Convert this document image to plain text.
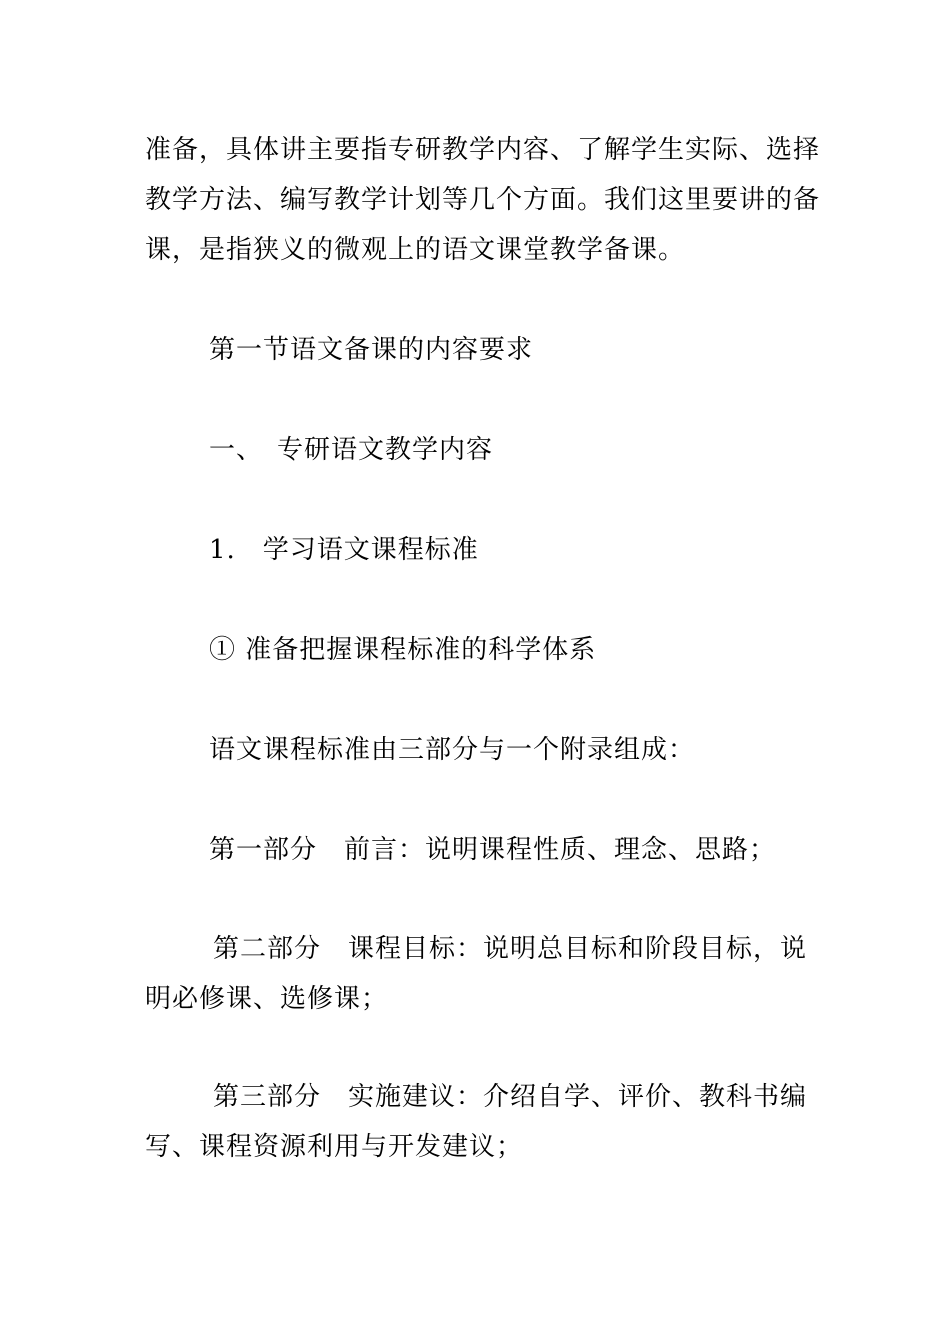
准备，具体讲主要指专研教学内容、了解学生实际、选择教学方法、编写教学计划等几个方面。我们这里要讲的备课，是指狭义的微观上的语文课堂教学备课。

第一节语文备课的内容要求

一、　专研语文教学内容

1.　学习语文课程标准

① 准备把握课程标准的科学体系

语文课程标准由三部分与一个附录组成：

第一部分　前言：说明课程性质、理念、思路；

第二部分　课程目标：说明总目标和阶段目标，说明必修课、选修课；

第三部分　实施建议：介绍自学、评价、教科书编写、课程资源利用与开发建议；
